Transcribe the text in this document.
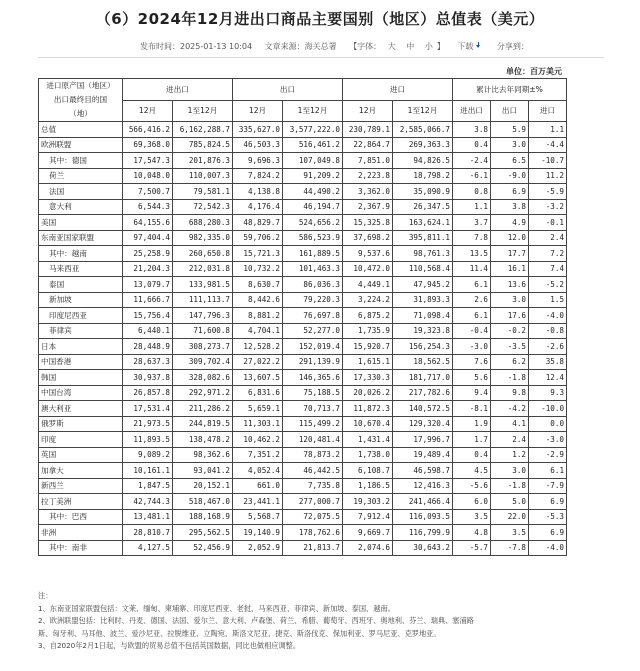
（6）2024年12月进出口商品主要国别（地区）总值表（美元）
发布时间：2025-01-13 10:04 文章来源：海关总署 【字体： 大 中 小 】 下载	分享到：
单位：百万美元
进口原产国（地区）
出口最终目的国
（地）	进出口		出口		进口		累计比去年同期±%		
	12月	1至12月	12月	1至12月	12月	1至12月	进出口	出口	进口
总值	566,416.2	6,162,288.7	335,627.0	3,577,222.0	230,789.1	2,585,066.7	3.8	5.9	1.1
欧洲联盟	69,368.0	785,824.5	46,503.3	516,461.2	22,864.7	269,363.3	0.4	3.0	-4.4
其中：德国	17,547.3	201,876.3	9,696.3	107,049.8	7,851.0	94,826.5	-2.4	6.5	-10.7
荷兰	10,048.0	110,007.3	7,824.2	91,209.2	2,223.8	18,798.2	-6.1	-9.0	11.2
法国	7,500.7	79,581.1	4,138.8	44,490.2	3,362.0	35,090.9	0.8	6.9	-5.9
意大利	6,544.3	72,542.3	4,176.4	46,194.7	2,367.9	26,347.5	1.1	3.8	-3.2
美国	64,155.6	688,280.3	48,829.7	524,656.2	15,325.8	163,624.1	3.7	4.9	-0.1
东南亚国家联盟	97,404.4	982,335.0	59,706.2	586,523.9	37,698.2	395,811.1	7.8	12.0	2.4
其中：越南	25,258.9	260,650.8	15,721.3	161,889.5	9,537.6	98,761.3	13.5	17.7	7.2
马来西亚	21,204.3	212,031.8	10,732.2	101,463.3	10,472.0	110,568.4	11.4	16.1	7.4
泰国	13,079.7	133,981.5	8,630.7	86,036.3	4,449.1	47,945.2	6.1	13.6	-5.2
新加坡	11,666.7	111,113.7	8,442.6	79,220.3	3,224.2	31,893.3	2.6	3.0	1.5
印度尼西亚	15,756.4	147,796.3	8,881.2	76,697.8	6,875.2	71,098.4	6.1	17.6	-4.0
菲律宾	6,440.1	71,600.8	4,704.1	52,277.0	1,735.9	19,323.8	-0.4	-0.2	-0.8
日本	28,448.9	308,273.7	12,528.2	152,019.4	15,920.7	156,254.3	-3.0	-3.5	-2.6
中国香港	28,637.3	309,702.4	27,022.2	291,139.9	1,615.1	18,562.5	7.6	6.2	35.8
韩国	30,937.8	328,082.6	13,607.5	146,365.6	17,330.3	181,717.0	5.6	-1.8	12.4
中国台湾	26,857.8	292,971.2	6,831.6	75,188.5	20,026.2	217,782.6	9.4	9.8	9.3
澳大利亚	17,531.4	211,286.2	5,659.1	70,713.7	11,872.3	140,572.5	-8.1	-4.2	-10.0
俄罗斯	21,973.5	244,819.5	11,303.1	115,499.2	10,670.4	129,320.4	1.9	4.1	0.0
印度	11,893.5	138,478.2	10,462.2	120,481.4	1,431.4	17,996.7	1.7	2.4	-3.0
英国	9,089.2	98,362.6	7,351.2	78,873.2	1,738.0	19,489.4	0.4	1.2	-2.9
加拿大	10,161.1	93,041.2	4,052.4	46,442.5	6,108.7	46,598.7	4.5	3.0	6.1
新西兰	1,847.5	20,152.1	661.0	7,735.8	1,186.5	12,416.3	-5.6	-1.8	-7.9
拉丁美洲	42,744.3	518,467.0	23,441.1	277,000.7	19,303.2	241,466.4	6.0	5.0	6.9
其中：巴西	13,481.1	188,168.9	5,568.7	72,075.5	7,912.4	116,093.5	3.5	22.0	-5.3
非洲	28,810.7	295,562.5	19,140.9	178,762.6	9,669.7	116,799.9	4.8	3.5	6.9
其中：南非	4,127.5	52,456.9	2,052.9	21,813.7	2,074.6	30,643.2	-5.7	-7.8	-4.0
注：
1、东南亚国家联盟包括：文莱、缅甸、柬埔寨、印度尼西亚、老挝、马来西亚、菲律宾、新加坡、泰国、越南。
2、欧洲联盟包括：比利时、丹麦、德国、法国、爱尔兰、意大利、卢森堡、荷兰、希腊、葡萄牙、西班牙、奥地利、芬兰、瑞典、塞浦路
斯、匈牙利、马耳他、波兰、爱沙尼亚、拉脱维亚、立陶宛、斯洛文尼亚、捷克、斯洛伐克、保加利亚、罗马尼亚、克罗地亚。
3、自2020年2月1日起，与欧盟的贸易总值不包括英国数据，同比也做相应调整。
